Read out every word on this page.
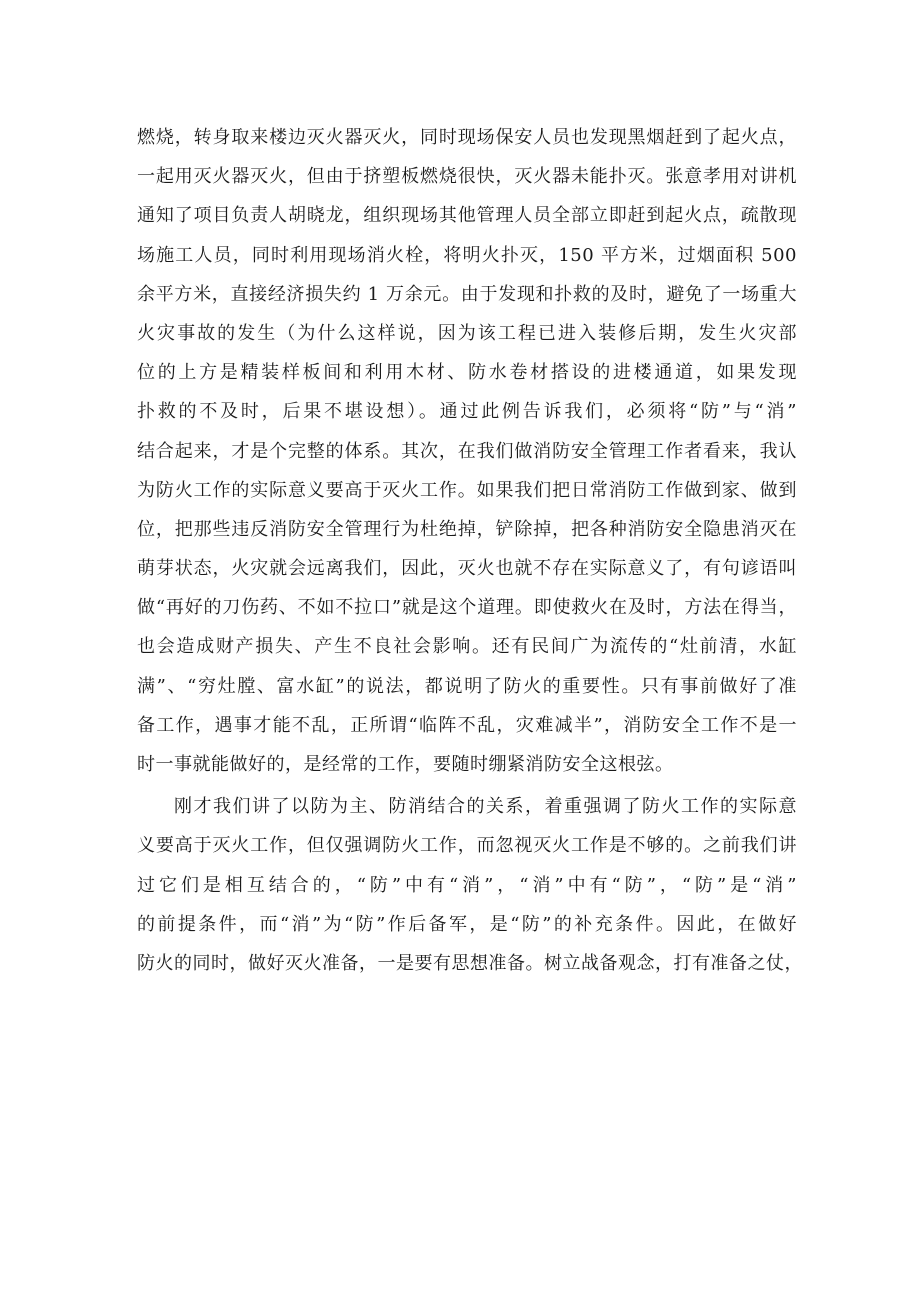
燃烧，转身取来楼边灭火器灭火，同时现场保安人员也发现黑烟赶到了起火点，
一起用灭火器灭火，但由于挤塑板燃烧很快，灭火器未能扑灭。张意孝用对讲机
通知了项目负责人胡晓龙，组织现场其他管理人员全部立即赶到起火点，疏散现
场施工人员，同时利用现场消火栓，将明火扑灭，150 平方米，过烟面积 500
余平方米，直接经济损失约 1 万余元。由于发现和扑救的及时，避免了一场重大
火灾事故的发生（为什么这样说，因为该工程已进入装修后期，发生火灾部
位的上方是精装样板间和利用木材、防水卷材搭设的进楼通道，如果发现
扑救的不及时，后果不堪设想）。通过此例告诉我们，必须将“防”与“消”
结合起来，才是个完整的体系。其次，在我们做消防安全管理工作者看来，我认
为防火工作的实际意义要高于灭火工作。如果我们把日常消防工作做到家、做到
位，把那些违反消防安全管理行为杜绝掉，铲除掉，把各种消防安全隐患消灭在
萌芽状态，火灾就会远离我们，因此，灭火也就不存在实际意义了，有句谚语叫
做“再好的刀伤药、不如不拉口”就是这个道理。即使救火在及时，方法在得当，
也会造成财产损失、产生不良社会影响。还有民间广为流传的“灶前清，水缸
满”、“穷灶膛、富水缸”的说法，都说明了防火的重要性。只有事前做好了准
备工作，遇事才能不乱，正所谓“临阵不乱，灾难减半”，消防安全工作不是一
时一事就能做好的，是经常的工作，要随时绷紧消防安全这根弦。
刚才我们讲了以防为主、防消结合的关系，着重强调了防火工作的实际意
义要高于灭火工作，但仅强调防火工作，而忽视灭火工作是不够的。之前我们讲
过它们是相互结合的，“防”中有“消”，“消”中有“防”，“防”是“消”
的前提条件，而“消”为“防”作后备军，是“防”的补充条件。因此，在做好
防火的同时，做好灭火准备，一是要有思想准备。树立战备观念，打有准备之仗，
